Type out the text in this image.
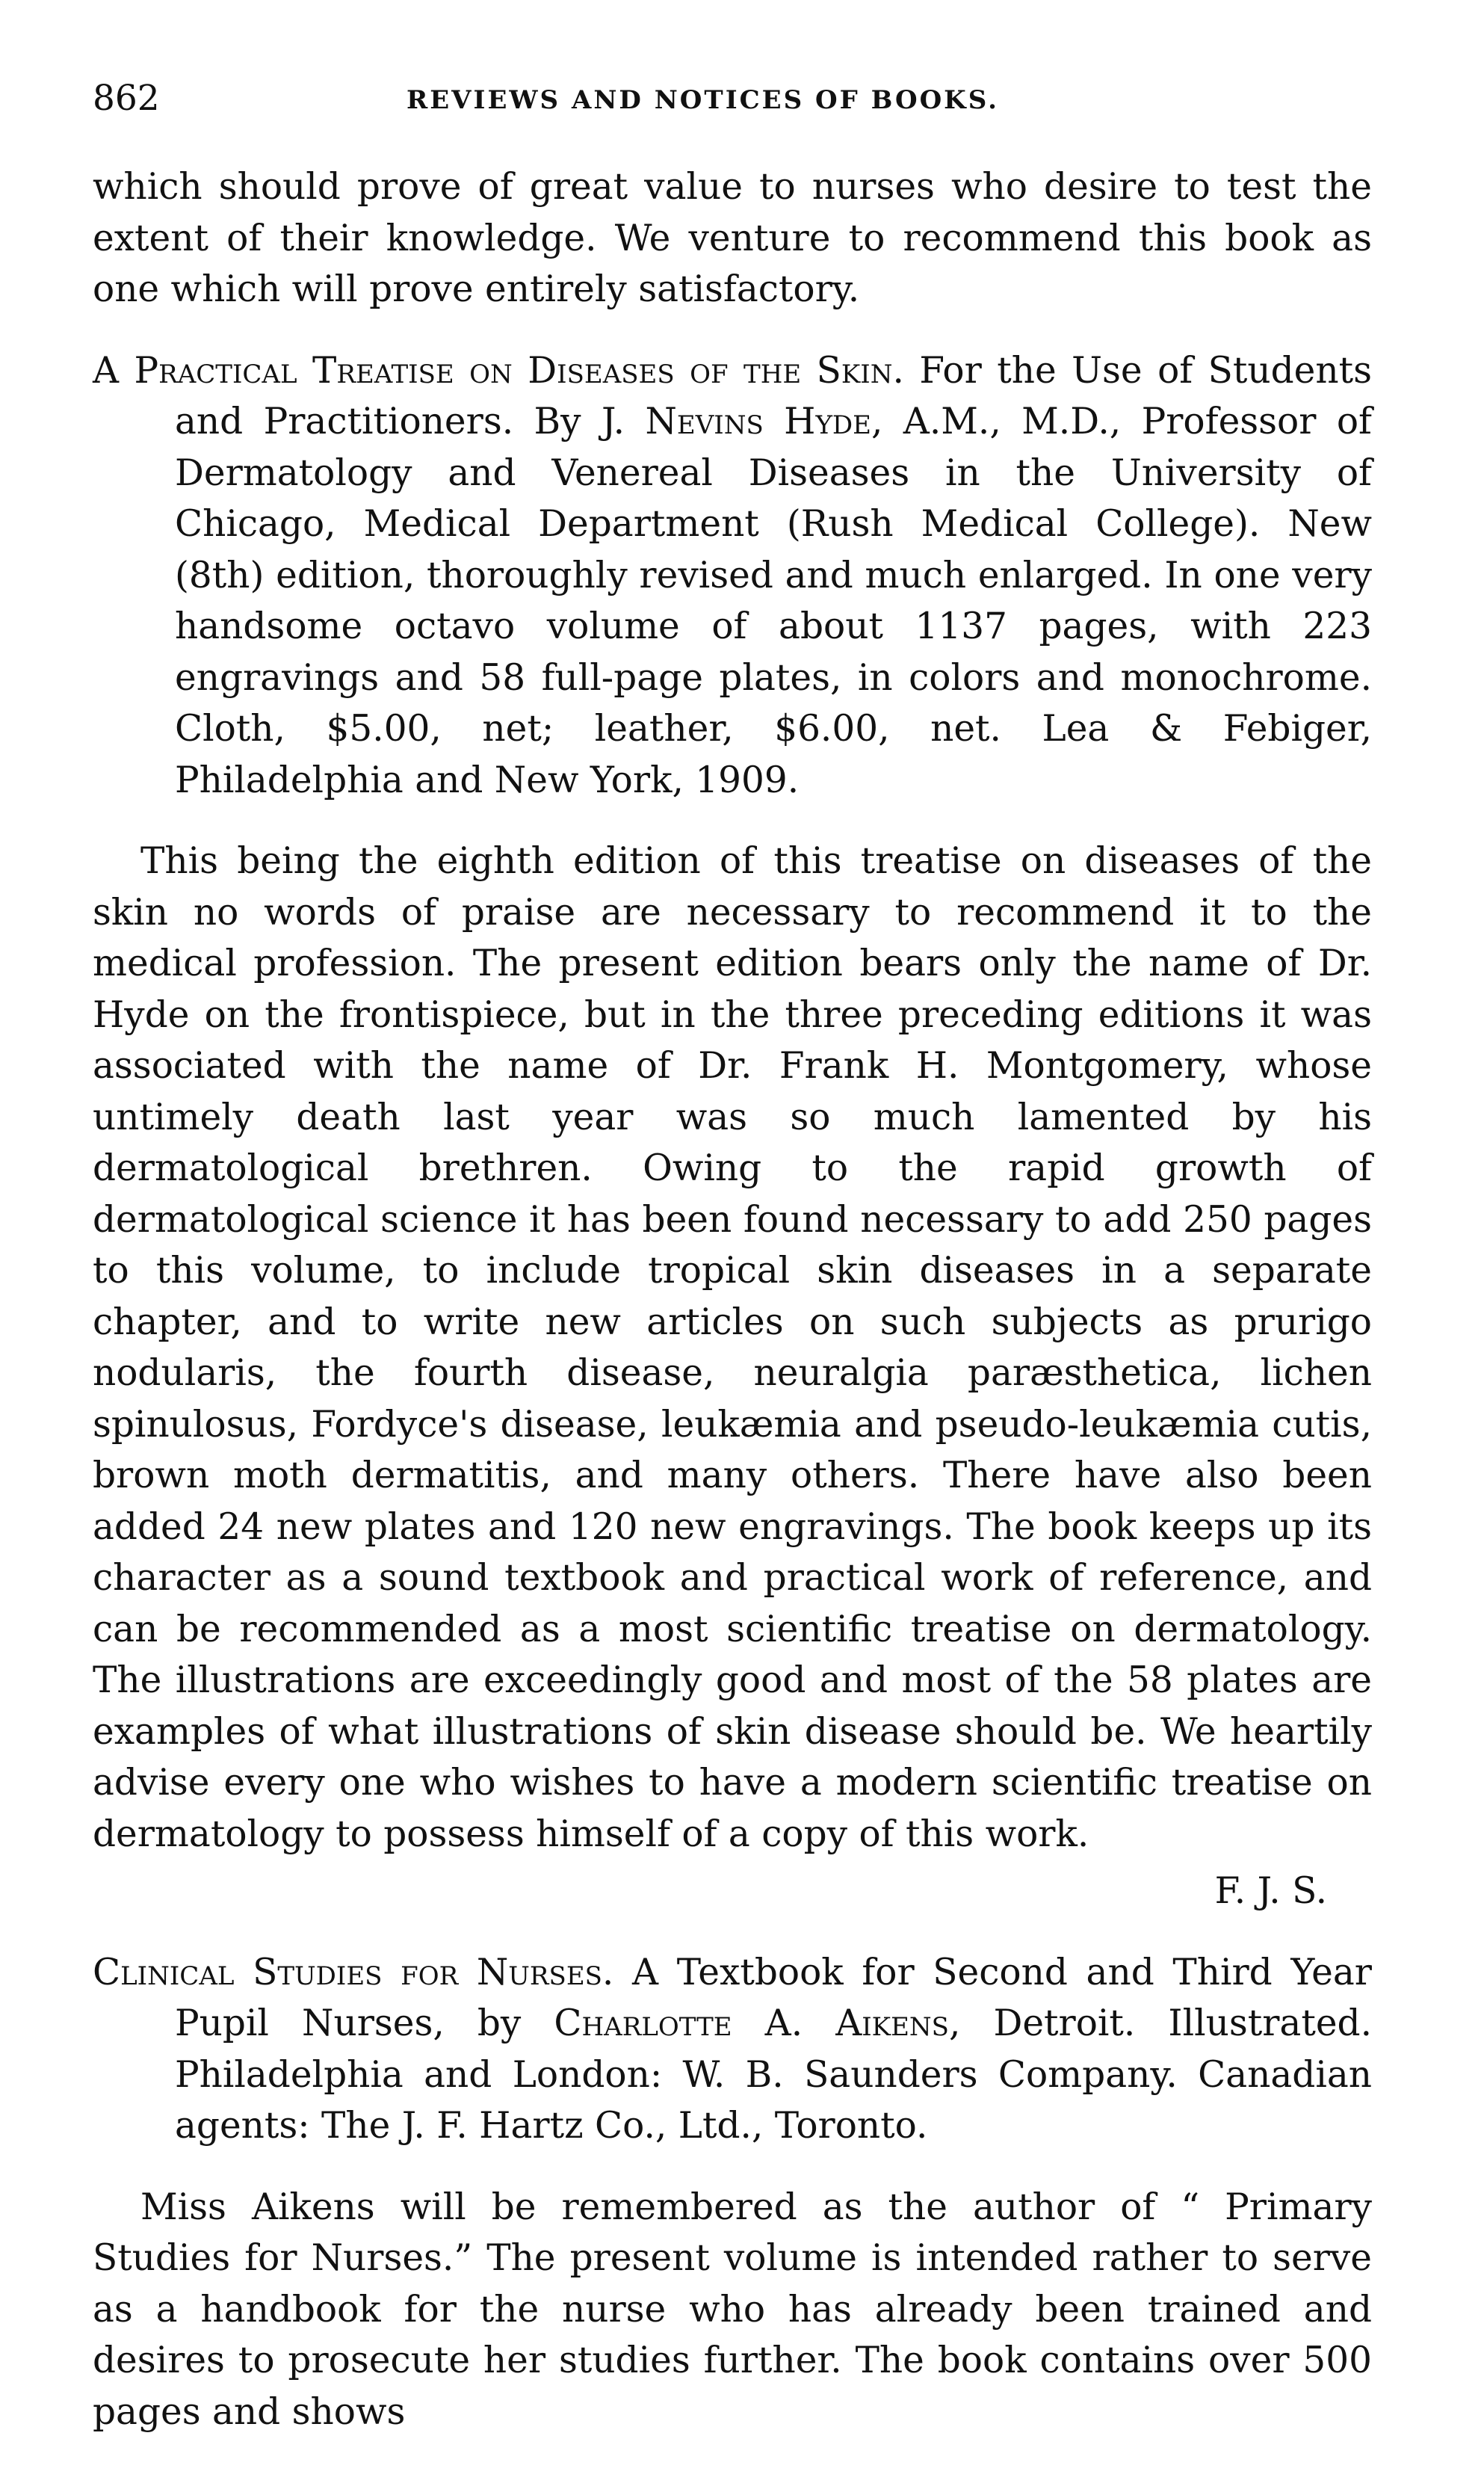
862	REVIEWS AND NOTICES OF BOOKS.

which should prove of great value to nurses who desire to test the extent of their knowledge. We venture to recommend this book as one which will prove entirely satisfactory.

A Practical Treatise on Diseases of the Skin. For the Use of Students and Practitioners. By J. Nevins Hyde, A.M., M.D., Professor of Dermatology and Venereal Diseases in the University of Chicago, Medical Department (Rush Medical College). New (8th) edition, thoroughly revised and much enlarged. In one very handsome octavo volume of about 1137 pages, with 223 engravings and 58 full-page plates, in colors and monochrome. Cloth, $5.00, net; leather, $6.00, net. Lea & Febiger, Philadelphia and New York, 1909.

This being the eighth edition of this treatise on diseases of the skin no words of praise are necessary to recommend it to the medical profession. The present edition bears only the name of Dr. Hyde on the frontispiece, but in the three preceding editions it was associated with the name of Dr. Frank H. Montgomery, whose untimely death last year was so much lamented by his dermatological brethren. Owing to the rapid growth of dermatological science it has been found necessary to add 250 pages to this volume, to include tropical skin diseases in a separate chapter, and to write new articles on such subjects as prurigo nodularis, the fourth disease, neuralgia paræsthetica, lichen spinulosus, Fordyce's disease, leukæmia and pseudo-leukæmia cutis, brown moth dermatitis, and many others. There have also been added 24 new plates and 120 new engravings. The book keeps up its character as a sound textbook and practical work of reference, and can be recommended as a most scientific treatise on dermatology. The illustrations are exceedingly good and most of the 58 plates are examples of what illustrations of skin disease should be. We heartily advise every one who wishes to have a modern scientific treatise on dermatology to possess himself of a copy of this work.

F. J. S.

Clinical Studies for Nurses. A Textbook for Second and Third Year Pupil Nurses, by Charlotte A. Aikens, Detroit. Illustrated. Philadelphia and London: W. B. Saunders Company. Canadian agents: The J. F. Hartz Co., Ltd., Toronto.

Miss Aikens will be remembered as the author of “ Primary Studies for Nurses.” The present volume is intended rather to serve as a handbook for the nurse who has already been trained and desires to prosecute her studies further. The book contains over 500 pages and shows
